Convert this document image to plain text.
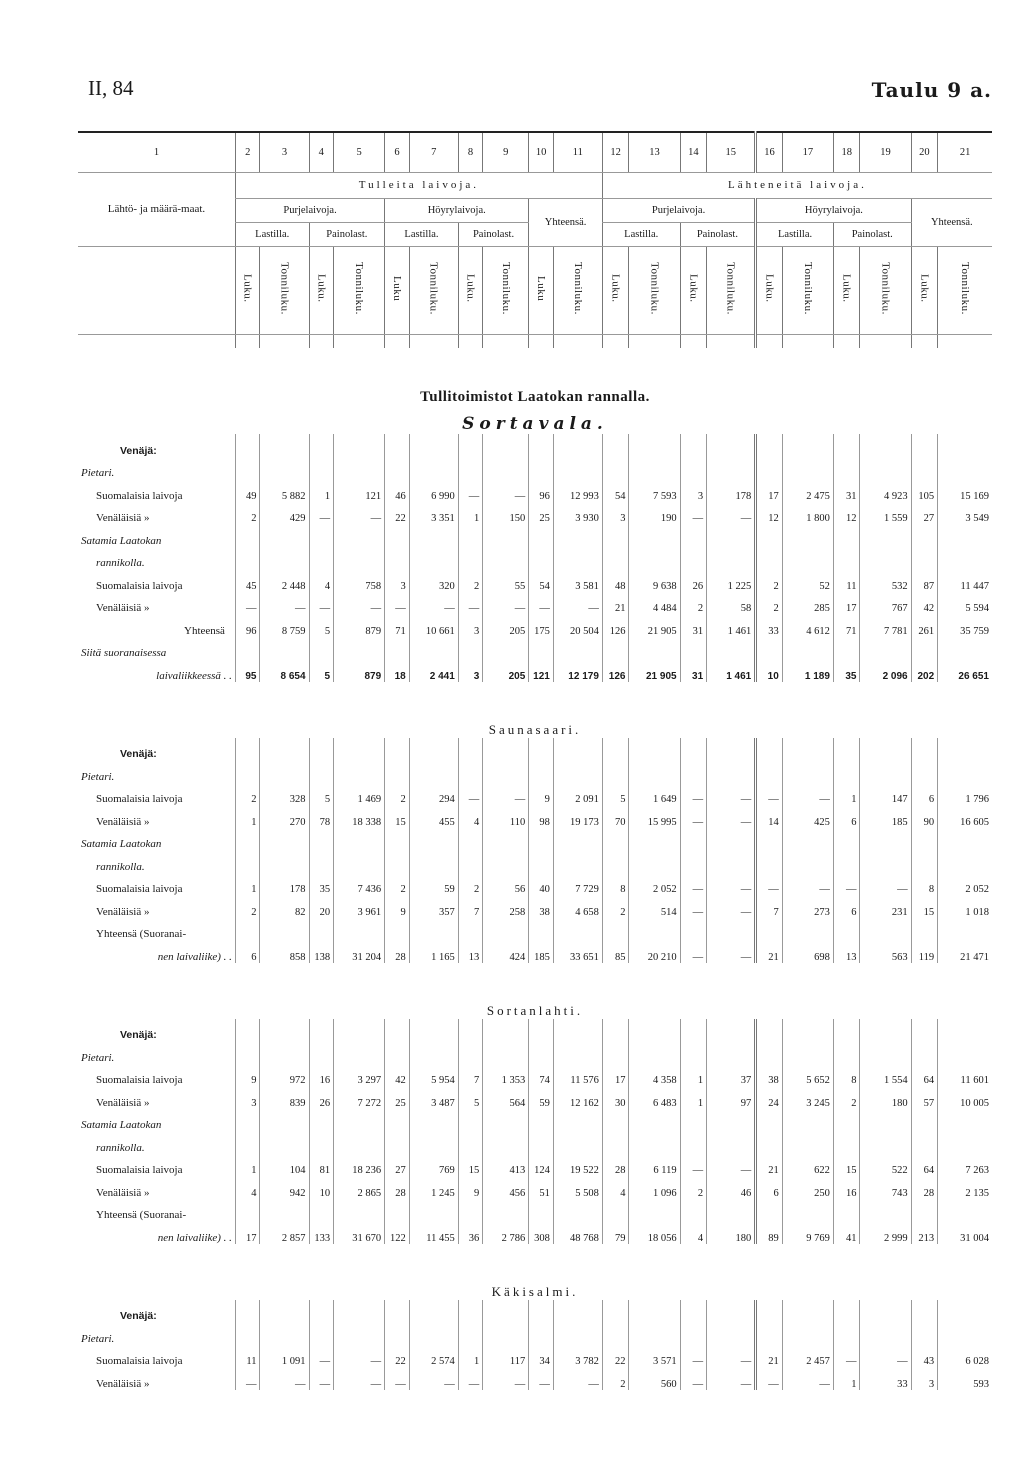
II, 84	Taulu 9 a.
1	2	3	4	5	6	7	8	9	10	11	12	13	14	15	16	17	18	19	20	21
Lähtö- ja määrä-maat.	Tulleita laivoja.										Lähteneitä laivoja.									
	Purjelaivoja.				Höyrylaivoja.				Yhteensä.		Purjelaivoja.				Höyrylaivoja.				Yhteensä.	
	Lastilla.		Painolast.		Lastilla.		Painolast.				Lastilla.		Painolast.		Lastilla.		Painolast.			
	Luku.	Tonniluku.	Luku.	Tonniluku.	Luku	Tonniluku.	Luku.	Tonniluku.	Luku	Tonniluku.	Luku.	Tonniluku.	Luku.	Tonniluku.	Luku.	Tonniluku.	Luku.	Tonniluku.	Luku.	Tonniluku.

Tullitoimistot Laatokan rannalla.																				
Sortavala.																				
Venäjä:																				
Pietari.																				
Suomalaisia laivoja	49	5 882	1	121	46	6 990	—	—	96	12 993	54	7 593	3	178	17	2 475	31	4 923	105	15 169
Venäläisiä »	2	429	—	—	22	3 351	1	150	25	3 930	3	190	—	—	12	1 800	12	1 559	27	3 549
Satamia Laatokan																				
rannikolla.																				
Suomalaisia laivoja	45	2 448	4	758	3	320	2	55	54	3 581	48	9 638	26	1 225	2	52	11	532	87	11 447
Venäläisiä »	—	—	—	—	—	—	—	—	—	—	21	4 484	2	58	2	285	17	767	42	5 594
Yhteensä	96	8 759	5	879	71	10 661	3	205	175	20 504	126	21 905	31	1 461	33	4 612	71	7 781	261	35 759
Siitä suoranaisessa																				
laivaliikkeessä . .	95	8 654	5	879	18	2 441	3	205	121	12 179	126	21 905	31	1 461	10	1 189	35	2 096	202	26 651
Saunasaari.																				
Venäjä:																				
Pietari.																				
Suomalaisia laivoja	2	328	5	1 469	2	294	—	—	9	2 091	5	1 649	—	—	—	—	1	147	6	1 796
Venäläisiä »	1	270	78	18 338	15	455	4	110	98	19 173	70	15 995	—	—	14	425	6	185	90	16 605
Satamia Laatokan																				
rannikolla.																				
Suomalaisia laivoja	1	178	35	7 436	2	59	2	56	40	7 729	8	2 052	—	—	—	—	—	—	8	2 052
Venäläisiä »	2	82	20	3 961	9	357	7	258	38	4 658	2	514	—	—	7	273	6	231	15	1 018
Yhteensä (Suoranai-																				
nen laivaliike) . .	6	858	138	31 204	28	1 165	13	424	185	33 651	85	20 210	—	—	21	698	13	563	119	21 471
Sortanlahti.																				
Venäjä:																				
Pietari.																				
Suomalaisia laivoja	9	972	16	3 297	42	5 954	7	1 353	74	11 576	17	4 358	1	37	38	5 652	8	1 554	64	11 601
Venäläisiä »	3	839	26	7 272	25	3 487	5	564	59	12 162	30	6 483	1	97	24	3 245	2	180	57	10 005
Satamia Laatokan																				
rannikolla.																				
Suomalaisia laivoja	1	104	81	18 236	27	769	15	413	124	19 522	28	6 119	—	—	21	622	15	522	64	7 263
Venäläisiä »	4	942	10	2 865	28	1 245	9	456	51	5 508	4	1 096	2	46	6	250	16	743	28	2 135
Yhteensä (Suoranai-																				
nen laivaliike) . .	17	2 857	133	31 670	122	11 455	36	2 786	308	48 768	79	18 056	4	180	89	9 769	41	2 999	213	31 004
Käkisalmi.																				
Venäjä:																				
Pietari.																				
Suomalaisia laivoja	11	1 091	—	—	22	2 574	1	117	34	3 782	22	3 571	—	—	21	2 457	—	—	43	6 028
Venäläisiä »	—	—	—	—	—	—	—	—	—	—	2	560	—	—	—	—	1	33	3	593
